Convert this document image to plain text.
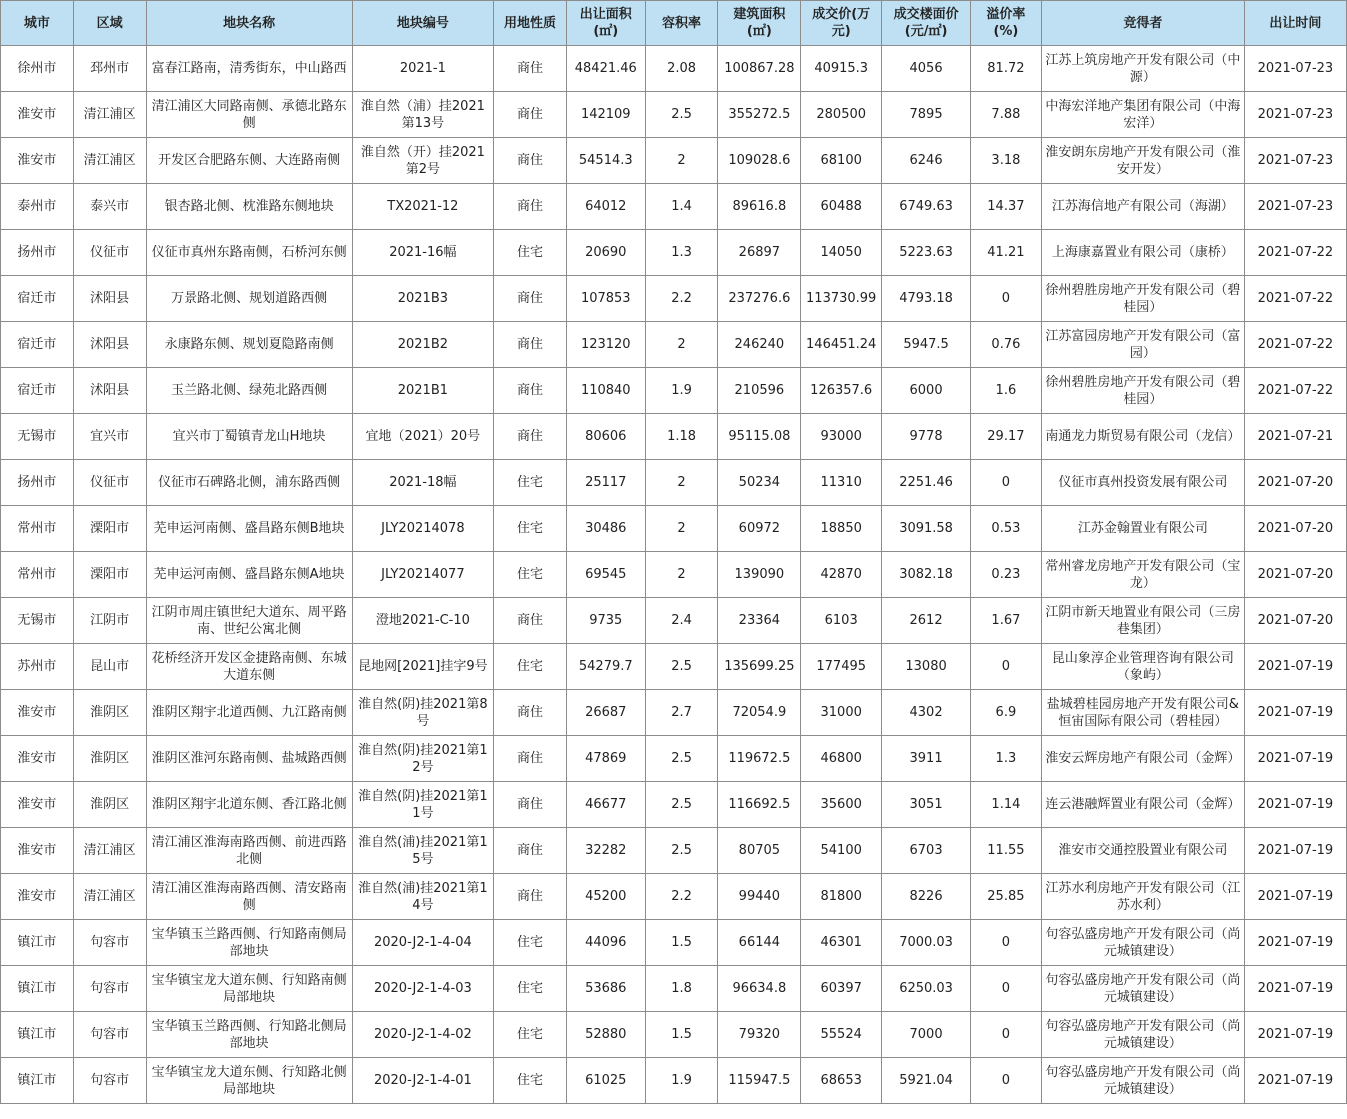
城市	区域	地块名称	地块编号	用地性质	出让面积(㎡)	容积率	建筑面积(㎡)	成交价(万元)	成交楼面价(元/㎡)	溢价率(%)	竞得者	出让时间
徐州市	邳州市	富春江路南，清秀街东，中山路西	2021-1	商住	48421.46	2.08	100867.28	40915.3	4056	81.72	江苏上筑房地产开发有限公司（中源）	2021-07-23
淮安市	清江浦区	清江浦区大同路南侧、承德北路东侧	淮自然（浦）挂2021第13号	商住	142109	2.5	355272.5	280500	7895	7.88	中海宏洋地产集团有限公司（中海宏洋）	2021-07-23
淮安市	清江浦区	开发区合肥路东侧、大连路南侧	淮自然（开）挂2021第2号	商住	54514.3	2	109028.6	68100	6246	3.18	淮安朗东房地产开发有限公司（淮安开发）	2021-07-23
泰州市	泰兴市	银杏路北侧、枕淮路东侧地块	TX2021-12	商住	64012	1.4	89616.8	60488	6749.63	14.37	江苏海信地产有限公司（海湖）	2021-07-23
扬州市	仪征市	仪征市真州东路南侧，石桥河东侧	2021-16幅	住宅	20690	1.3	26897	14050	5223.63	41.21	上海康嘉置业有限公司（康桥）	2021-07-22
宿迁市	沭阳县	万景路北侧、规划道路西侧	2021B3	商住	107853	2.2	237276.6	113730.99	4793.18	0	徐州碧胜房地产开发有限公司（碧桂园）	2021-07-22
宿迁市	沭阳县	永康路东侧、规划夏隐路南侧	2021B2	商住	123120	2	246240	146451.24	5947.5	0.76	江苏富园房地产开发有限公司（富园）	2021-07-22
宿迁市	沭阳县	玉兰路北侧、绿苑北路西侧	2021B1	商住	110840	1.9	210596	126357.6	6000	1.6	徐州碧胜房地产开发有限公司（碧桂园）	2021-07-22
无锡市	宜兴市	宜兴市丁蜀镇青龙山H地块	宜地（2021）20号	商住	80606	1.18	95115.08	93000	9778	29.17	南通龙力斯贸易有限公司（龙信）	2021-07-21
扬州市	仪征市	仪征市石碑路北侧，浦东路西侧	2021-18幅	住宅	25117	2	50234	11310	2251.46	0	仪征市真州投资发展有限公司	2021-07-20
常州市	溧阳市	芜申运河南侧、盛昌路东侧B地块	JLY20214078	住宅	30486	2	60972	18850	3091.58	0.53	江苏金翰置业有限公司	2021-07-20
常州市	溧阳市	芜申运河南侧、盛昌路东侧A地块	JLY20214077	住宅	69545	2	139090	42870	3082.18	0.23	常州睿龙房地产开发有限公司（宝龙）	2021-07-20
无锡市	江阴市	江阴市周庄镇世纪大道东、周平路南、世纪公寓北侧	澄地2021-C-10	商住	9735	2.4	23364	6103	2612	1.67	江阴市新天地置业有限公司（三房巷集团）	2021-07-20
苏州市	昆山市	花桥经济开发区金捷路南侧、东城大道东侧	昆地网[2021]挂字9号	住宅	54279.7	2.5	135699.25	177495	13080	0	昆山象淳企业管理咨询有限公司（象屿）	2021-07-19
淮安市	淮阴区	淮阴区翔宇北道西侧、九江路南侧	淮自然(阴)挂2021第8号	商住	26687	2.7	72054.9	31000	4302	6.9	盐城碧桂园房地产开发有限公司&恒宙国际有限公司（碧桂园）	2021-07-19
淮安市	淮阴区	淮阴区淮河东路南侧、盐城路西侧	淮自然(阴)挂2021第12号	商住	47869	2.5	119672.5	46800	3911	1.3	淮安云辉房地产有限公司（金辉）	2021-07-19
淮安市	淮阴区	淮阴区翔宇北道东侧、香江路北侧	淮自然(阴)挂2021第11号	商住	46677	2.5	116692.5	35600	3051	1.14	连云港融辉置业有限公司（金辉）	2021-07-19
淮安市	清江浦区	清江浦区淮海南路西侧、前进西路北侧	淮自然(浦)挂2021第15号	商住	32282	2.5	80705	54100	6703	11.55	淮安市交通控股置业有限公司	2021-07-19
淮安市	清江浦区	清江浦区淮海南路西侧、清安路南侧	淮自然(浦)挂2021第14号	商住	45200	2.2	99440	81800	8226	25.85	江苏水利房地产开发有限公司（江苏水利）	2021-07-19
镇江市	句容市	宝华镇玉兰路西侧、行知路南侧局部地块	2020-J2-1-4-04	住宅	44096	1.5	66144	46301	7000.03	0	句容弘盛房地产开发有限公司（尚元城镇建设）	2021-07-19
镇江市	句容市	宝华镇宝龙大道东侧、行知路南侧局部地块	2020-J2-1-4-03	住宅	53686	1.8	96634.8	60397	6250.03	0	句容弘盛房地产开发有限公司（尚元城镇建设）	2021-07-19
镇江市	句容市	宝华镇玉兰路西侧、行知路北侧局部地块	2020-J2-1-4-02	住宅	52880	1.5	79320	55524	7000	0	句容弘盛房地产开发有限公司（尚元城镇建设）	2021-07-19
镇江市	句容市	宝华镇宝龙大道东侧、行知路北侧局部地块	2020-J2-1-4-01	住宅	61025	1.9	115947.5	68653	5921.04	0	句容弘盛房地产开发有限公司（尚元城镇建设）	2021-07-19
